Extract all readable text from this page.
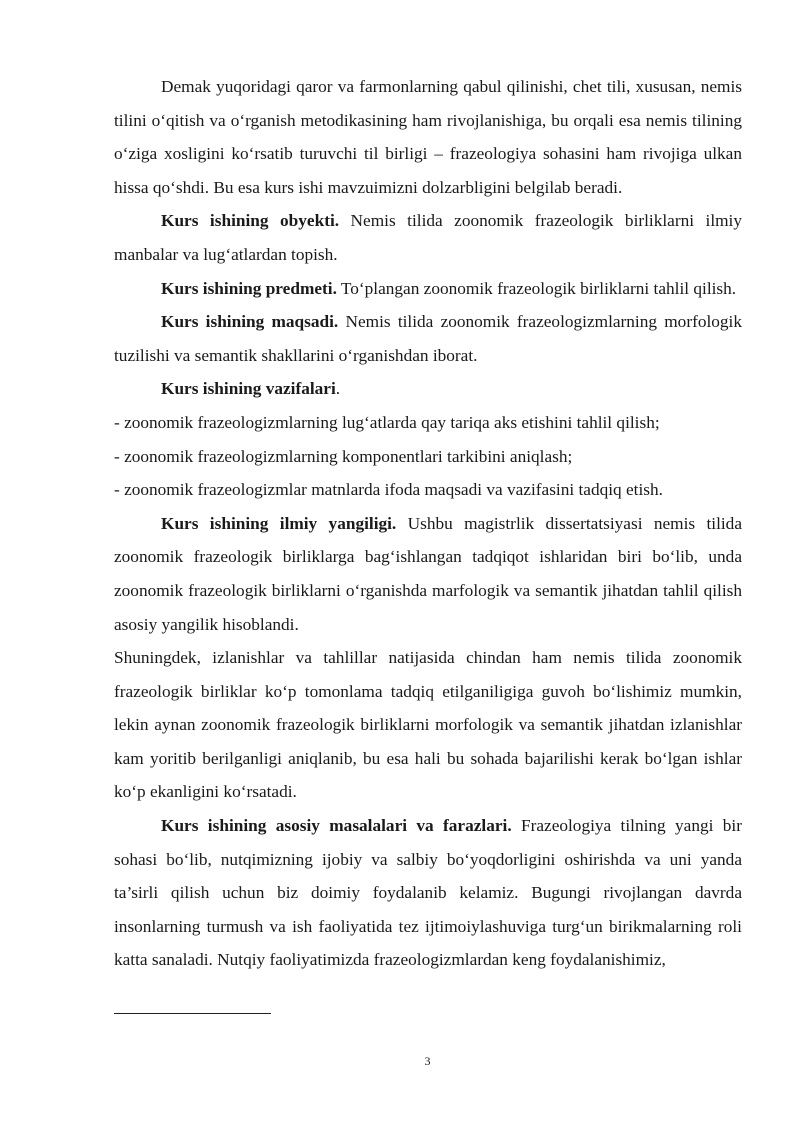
Demak yuqoridagi qaror va farmonlarning qabul qilinishi, chet tili, xususan, nemis tilini o‘qitish va o‘rganish metodikasining ham rivojlanishiga, bu orqali esa nemis tilining o‘ziga xosligini ko‘rsatib turuvchi til birligi – frazeologiya sohasini ham rivojiga ulkan hissa qo‘shdi. Bu esa kurs ishi mavzuimizni dolzarbligini belgilab beradi.

Kurs ishining obyekti. Nemis tilida zoonomik frazeologik birliklarni ilmiy manbalar va lug‘atlardan topish.

Kurs ishining predmeti. To‘plangan zoonomik frazeologik birliklarni tahlil qilish.

Kurs ishining maqsadi. Nemis tilida zoonomik frazeologizmlarning morfologik tuzilishi va semantik shakllarini o‘rganishdan iborat.

Kurs ishining vazifalari.

- zoonomik frazeologizmlarning lug‘atlarda qay tariqa aks etishini tahlil qilish;

- zoonomik frazeologizmlarning komponentlari tarkibini aniqlash;

- zoonomik frazeologizmlar matnlarda ifoda maqsadi va vazifasini tadqiq etish.

Kurs ishining ilmiy yangiligi. Ushbu magistrlik dissertatsiyasi nemis tilida zoonomik frazeologik birliklarga bag‘ishlangan tadqiqot ishlaridan biri bo‘lib, unda zoonomik frazeologik birliklarni o‘rganishda marfologik va semantik jihatdan tahlil qilish asosiy yangilik hisoblandi.

Shuningdek, izlanishlar va tahlillar natijasida chindan ham nemis tilida zoonomik frazeologik birliklar ko‘p tomonlama tadqiq etilganiligiga guvoh bo‘lishimiz mumkin, lekin aynan zoonomik frazeologik birliklarni morfologik va semantik jihatdan izlanishlar kam yoritib berilganligi aniqlanib, bu esa hali bu sohada bajarilishi kerak bo‘lgan ishlar ko‘p ekanligini ko‘rsatadi.

Kurs ishining asosiy masalalari va farazlari. Frazeologiya tilning yangi bir sohasi bo‘lib, nutqimizning ijobiy va salbiy bo‘yoqdorligini oshirishda va uni yanda ta’sirli qilish uchun biz doimiy foydalanib kelamiz. Bugungi rivojlangan davrda insonlarning turmush va ish faoliyatida tez ijtimoiylashuviga turg‘un birikmalarning roli katta sanaladi. Nutqiy faoliyatimizda frazeologizmlardan keng foydalanishimiz,

3
